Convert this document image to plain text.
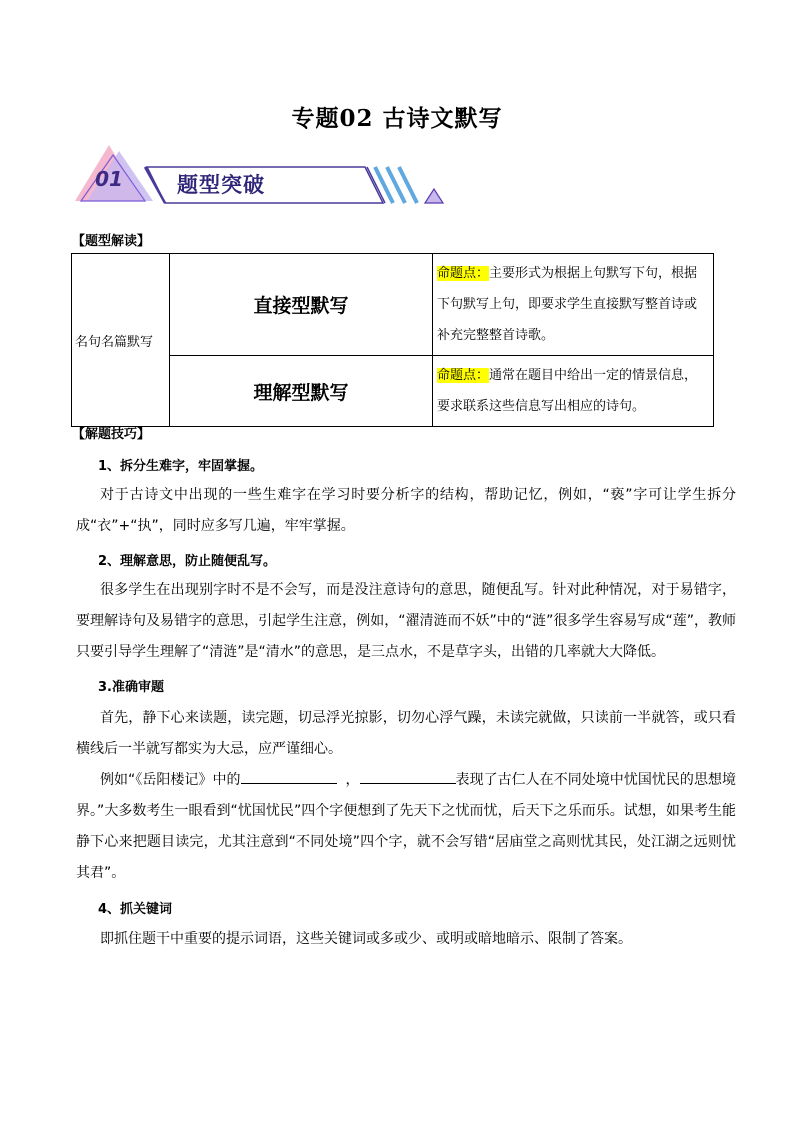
专题02 古诗文默写
01	题型突破
【题型解读】
名句名篇默写	直接型默写	命题点：主要形式为根据上句默写下句，根据下句默写上句，即要求学生直接默写整首诗或补充完整整首诗歌。
	理解型默写	命题点：通常在题目中给出一定的情景信息，要求联系这些信息写出相应的诗句。
【解题技巧】
1、拆分生难字，牢固掌握。
对于古诗文中出现的一些生难字在学习时要分析字的结构，帮助记忆，例如，“亵”字可让学生拆分成“衣”+“执”，同时应多写几遍，牢牢掌握。
2、理解意思，防止随便乱写。
很多学生在出现别字时不是不会写，而是没注意诗句的意思，随便乱写。针对此种情况，对于易错字，要理解诗句及易错字的意思，引起学生注意，例如，“濯清涟而不妖”中的“涟”很多学生容易写成“莲”，教师只要引导学生理解了“清涟”是“清水”的意思，是三点水，不是草字头，出错的几率就大大降低。
3.准确审题
首先，静下心来读题，读完题，切忌浮光掠影，切勿心浮气躁，未读完就做，只读前一半就答，或只看横线后一半就写都实为大忌，应严谨细心。
例如“《岳阳楼记》中的	，	表现了古仁人在不同处境中忧国忧民的思想境界。”大多数考生一眼看到“忧国忧民”四个字便想到了先天下之忧而忧，后天下之乐而乐。试想，如果考生能静下心来把题目读完，尤其注意到“不同处境”四个字，就不会写错“居庙堂之高则忧其民，处江湖之远则忧其君”。
4、抓关键词
即抓住题干中重要的提示词语，这些关键词或多或少、或明或暗地暗示、限制了答案。
